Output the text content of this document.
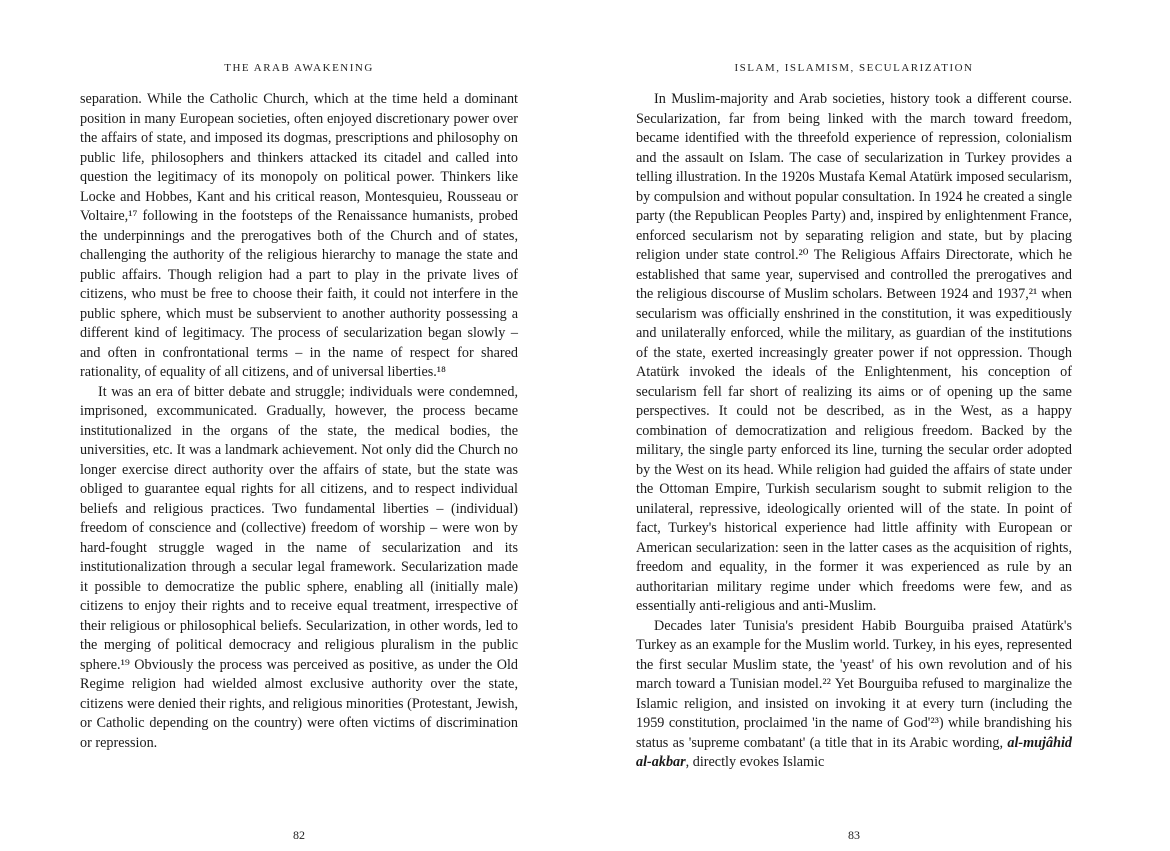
THE ARAB AWAKENING

separation. While the Catholic Church, which at the time held a dominant position in many European societies, often enjoyed discretionary power over the affairs of state, and imposed its dogmas, prescriptions and philosophy on public life, philosophers and thinkers attacked its citadel and called into question the legitimacy of its monopoly on political power. Thinkers like Locke and Hobbes, Kant and his critical reason, Montesquieu, Rousseau or Voltaire,¹⁷ following in the footsteps of the Renaissance humanists, probed the underpinnings and the prerogatives both of the Church and of states, challenging the authority of the religious hierarchy to manage the state and public affairs. Though religion had a part to play in the private lives of citizens, who must be free to choose their faith, it could not interfere in the public sphere, which must be subservient to another authority possessing a different kind of legitimacy. The process of secularization began slowly – and often in confrontational terms – in the name of respect for shared rationality, of equality of all citizens, and of universal liberties.¹⁸

It was an era of bitter debate and struggle; individuals were condemned, imprisoned, excommunicated. Gradually, however, the process became institutionalized in the organs of the state, the medical bodies, the universities, etc. It was a landmark achievement. Not only did the Church no longer exercise direct authority over the affairs of state, but the state was obliged to guarantee equal rights for all citizens, and to respect individual beliefs and religious practices. Two fundamental liberties – (individual) freedom of conscience and (collective) freedom of worship – were won by hard-fought struggle waged in the name of secularization and its institutionalization through a secular legal framework. Secularization made it possible to democratize the public sphere, enabling all (initially male) citizens to enjoy their rights and to receive equal treatment, irrespective of their religious or philosophical beliefs. Secularization, in other words, led to the merging of political democracy and religious pluralism in the public sphere.¹⁹ Obviously the process was perceived as positive, as under the Old Regime religion had wielded almost exclusive authority over the state, citizens were denied their rights, and religious minorities (Protestant, Jewish, or Catholic depending on the country) were often victims of discrimination or repression.

82
ISLAM, ISLAMISM, SECULARIZATION

In Muslim-majority and Arab societies, history took a different course. Secularization, far from being linked with the march toward freedom, became identified with the threefold experience of repression, colonialism and the assault on Islam. The case of secularization in Turkey provides a telling illustration. In the 1920s Mustafa Kemal Atatürk imposed secularism, by compulsion and without popular consultation. In 1924 he created a single party (the Republican Peoples Party) and, inspired by enlightenment France, enforced secularism not by separating religion and state, but by placing religion under state control.²⁰ The Religious Affairs Directorate, which he established that same year, supervised and controlled the prerogatives and the religious discourse of Muslim scholars. Between 1924 and 1937,²¹ when secularism was officially enshrined in the constitution, it was expeditiously and unilaterally enforced, while the military, as guardian of the institutions of the state, exerted increasingly greater power if not oppression. Though Atatürk invoked the ideals of the Enlightenment, his conception of secularism fell far short of realizing its aims or of opening up the same perspectives. It could not be described, as in the West, as a happy combination of democratization and religious freedom. Backed by the military, the single party enforced its line, turning the secular order adopted by the West on its head. While religion had guided the affairs of state under the Ottoman Empire, Turkish secularism sought to submit religion to the unilateral, repressive, ideologically oriented will of the state. In point of fact, Turkey's historical experience had little affinity with European or American secularization: seen in the latter cases as the acquisition of rights, freedom and equality, in the former it was experienced as rule by an authoritarian military regime under which freedoms were few, and as essentially anti-religious and anti-Muslim.

Decades later Tunisia's president Habib Bourguiba praised Atatürk's Turkey as an example for the Muslim world. Turkey, in his eyes, represented the first secular Muslim state, the 'yeast' of his own revolution and of his march toward a Tunisian model.²² Yet Bourguiba refused to marginalize the Islamic religion, and insisted on invoking it at every turn (including the 1959 constitution, proclaimed 'in the name of God'²³) while brandishing his status as 'supreme combatant' (a title that in its Arabic wording, al-mujâhid al-akbar, directly evokes Islamic

83
